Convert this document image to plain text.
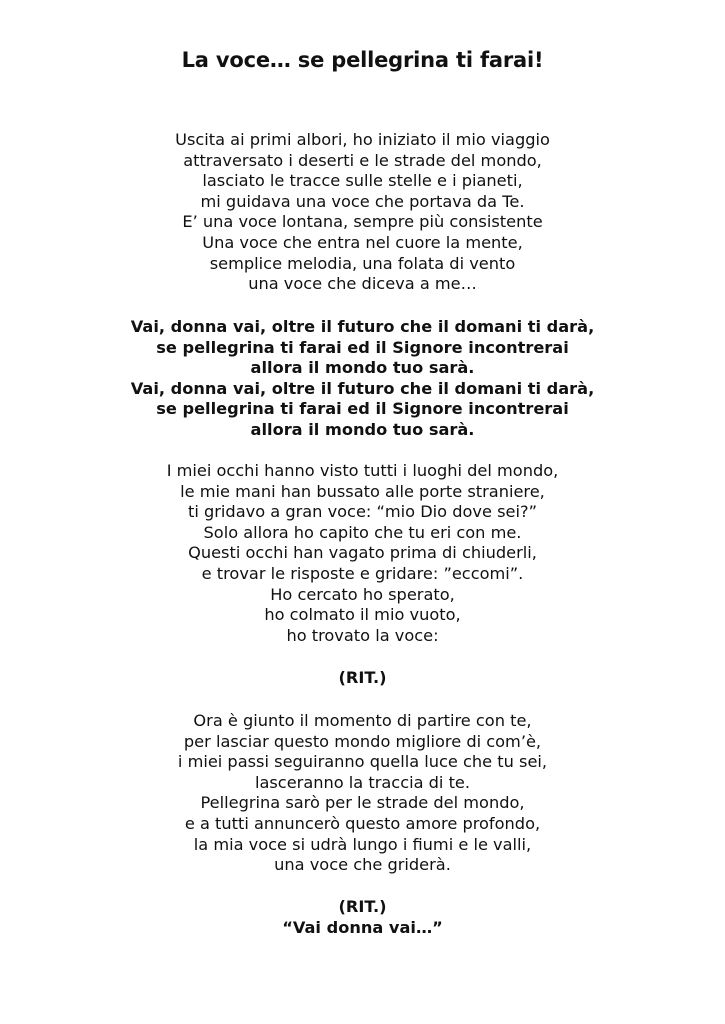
La voce… se pellegrina ti farai!
Uscita ai primi albori, ho iniziato il mio viaggio
attraversato i deserti e le strade del mondo,
lasciato le tracce sulle stelle e i pianeti,
mi guidava una voce che portava da Te.
E’ una voce lontana, sempre più consistente
Una voce che entra nel cuore la mente,
semplice melodia, una folata di vento
una voce che diceva a me…
Vai, donna vai, oltre il futuro che il domani ti darà,
se pellegrina ti farai ed il Signore incontrerai
allora il mondo tuo sarà.
Vai, donna vai, oltre il futuro che il domani ti darà,
se pellegrina ti farai ed il Signore incontrerai
allora il mondo tuo sarà.
I miei occhi hanno visto tutti i luoghi del mondo,
le mie mani han bussato alle porte straniere,
ti gridavo a gran voce: “mio Dio dove sei?”
Solo allora ho capito che tu eri con me.
Questi occhi han vagato prima di chiuderli,
e trovar le risposte e gridare: ”eccomi”.
Ho cercato ho sperato,
ho colmato il mio vuoto,
ho trovato la voce:
(RIT.)
Ora è giunto il momento di partire con te,
per lasciar questo mondo migliore di com’è,
i miei passi seguiranno quella luce che tu sei,
lasceranno la traccia di te.
Pellegrina sarò per le strade del mondo,
e a tutti annuncerò questo amore profondo,
la mia voce si udrà lungo i fiumi e le valli,
una voce che griderà.
(RIT.)
“Vai donna vai…”
